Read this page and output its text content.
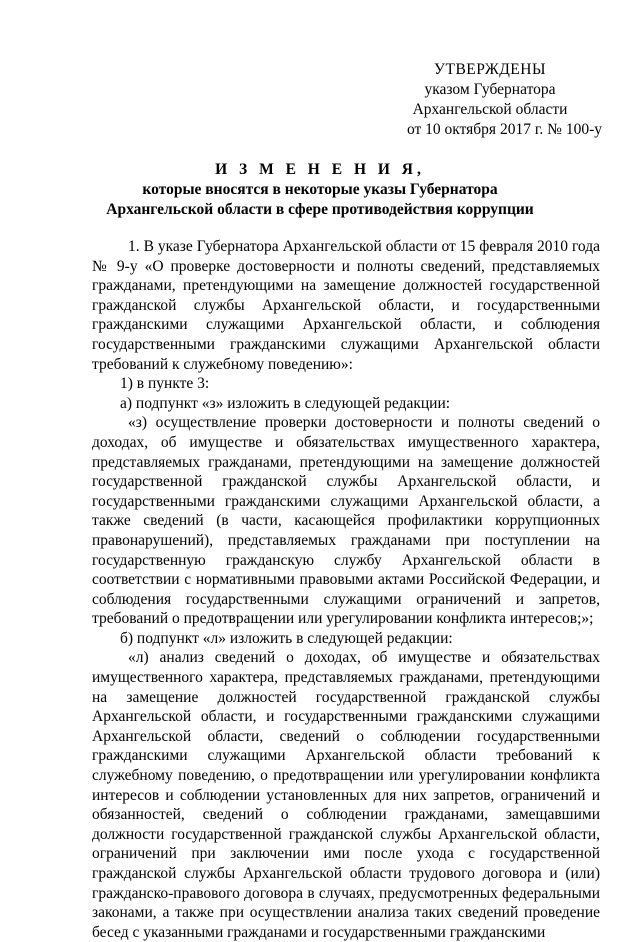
УТВЕРЖДЕНЫ
указом Губернатора
Архангельской области
от 10 октября 2017 г. № 100-у
И З М Е Н Е Н И Я,
которые вносятся в некоторые указы Губернатора
Архангельской области в сфере противодействия коррупции

1. В указе Губернатора Архангельской области от 15 февраля 2010 года № 9-у «О проверке достоверности и полноты сведений, представляемых гражданами, претендующими на замещение должностей государственной гражданской службы Архангельской области, и государственными гражданскими служащими Архангельской области, и соблюдения государственными гражданскими служащими Архангельской области требований к служебному поведению»:

1) в пункте 3:

а) подпункт «з» изложить в следующей редакции:

«з) осуществление проверки достоверности и полноты сведений о доходах, об имуществе и обязательствах имущественного характера, представляемых гражданами, претендующими на замещение должностей государственной гражданской службы Архангельской области, и государственными гражданскими служащими Архангельской области, а также сведений (в части, касающейся профилактики коррупционных правонарушений), представляемых гражданами при поступлении на государственную гражданскую службу Архангельской области в соответствии с нормативными правовыми актами Российской Федерации, и соблюдения государственными служащими ограничений и запретов, требований о предотвращении или урегулировании конфликта интересов;»;

б) подпункт «л» изложить в следующей редакции:

«л) анализ сведений о доходах, об имуществе и обязательствах имущественного характера, представляемых гражданами, претендующими на замещение должностей государственной гражданской службы Архангельской области, и государственными гражданскими служащими Архангельской области, сведений о соблюдении государственными гражданскими служащими Архангельской области требований к служебному поведению, о предотвращении или урегулировании конфликта интересов и соблюдении установленных для них запретов, ограничений и обязанностей, сведений о соблюдении гражданами, замещавшими должности государственной гражданской службы Архангельской области, ограничений при заключении ими после ухода с государственной гражданской службы Архангельской области трудового договора и (или) гражданско-правового договора в случаях, предусмотренных федеральными законами, а также при осуществлении анализа таких сведений проведение бесед с указанными гражданами и государственными гражданскими
